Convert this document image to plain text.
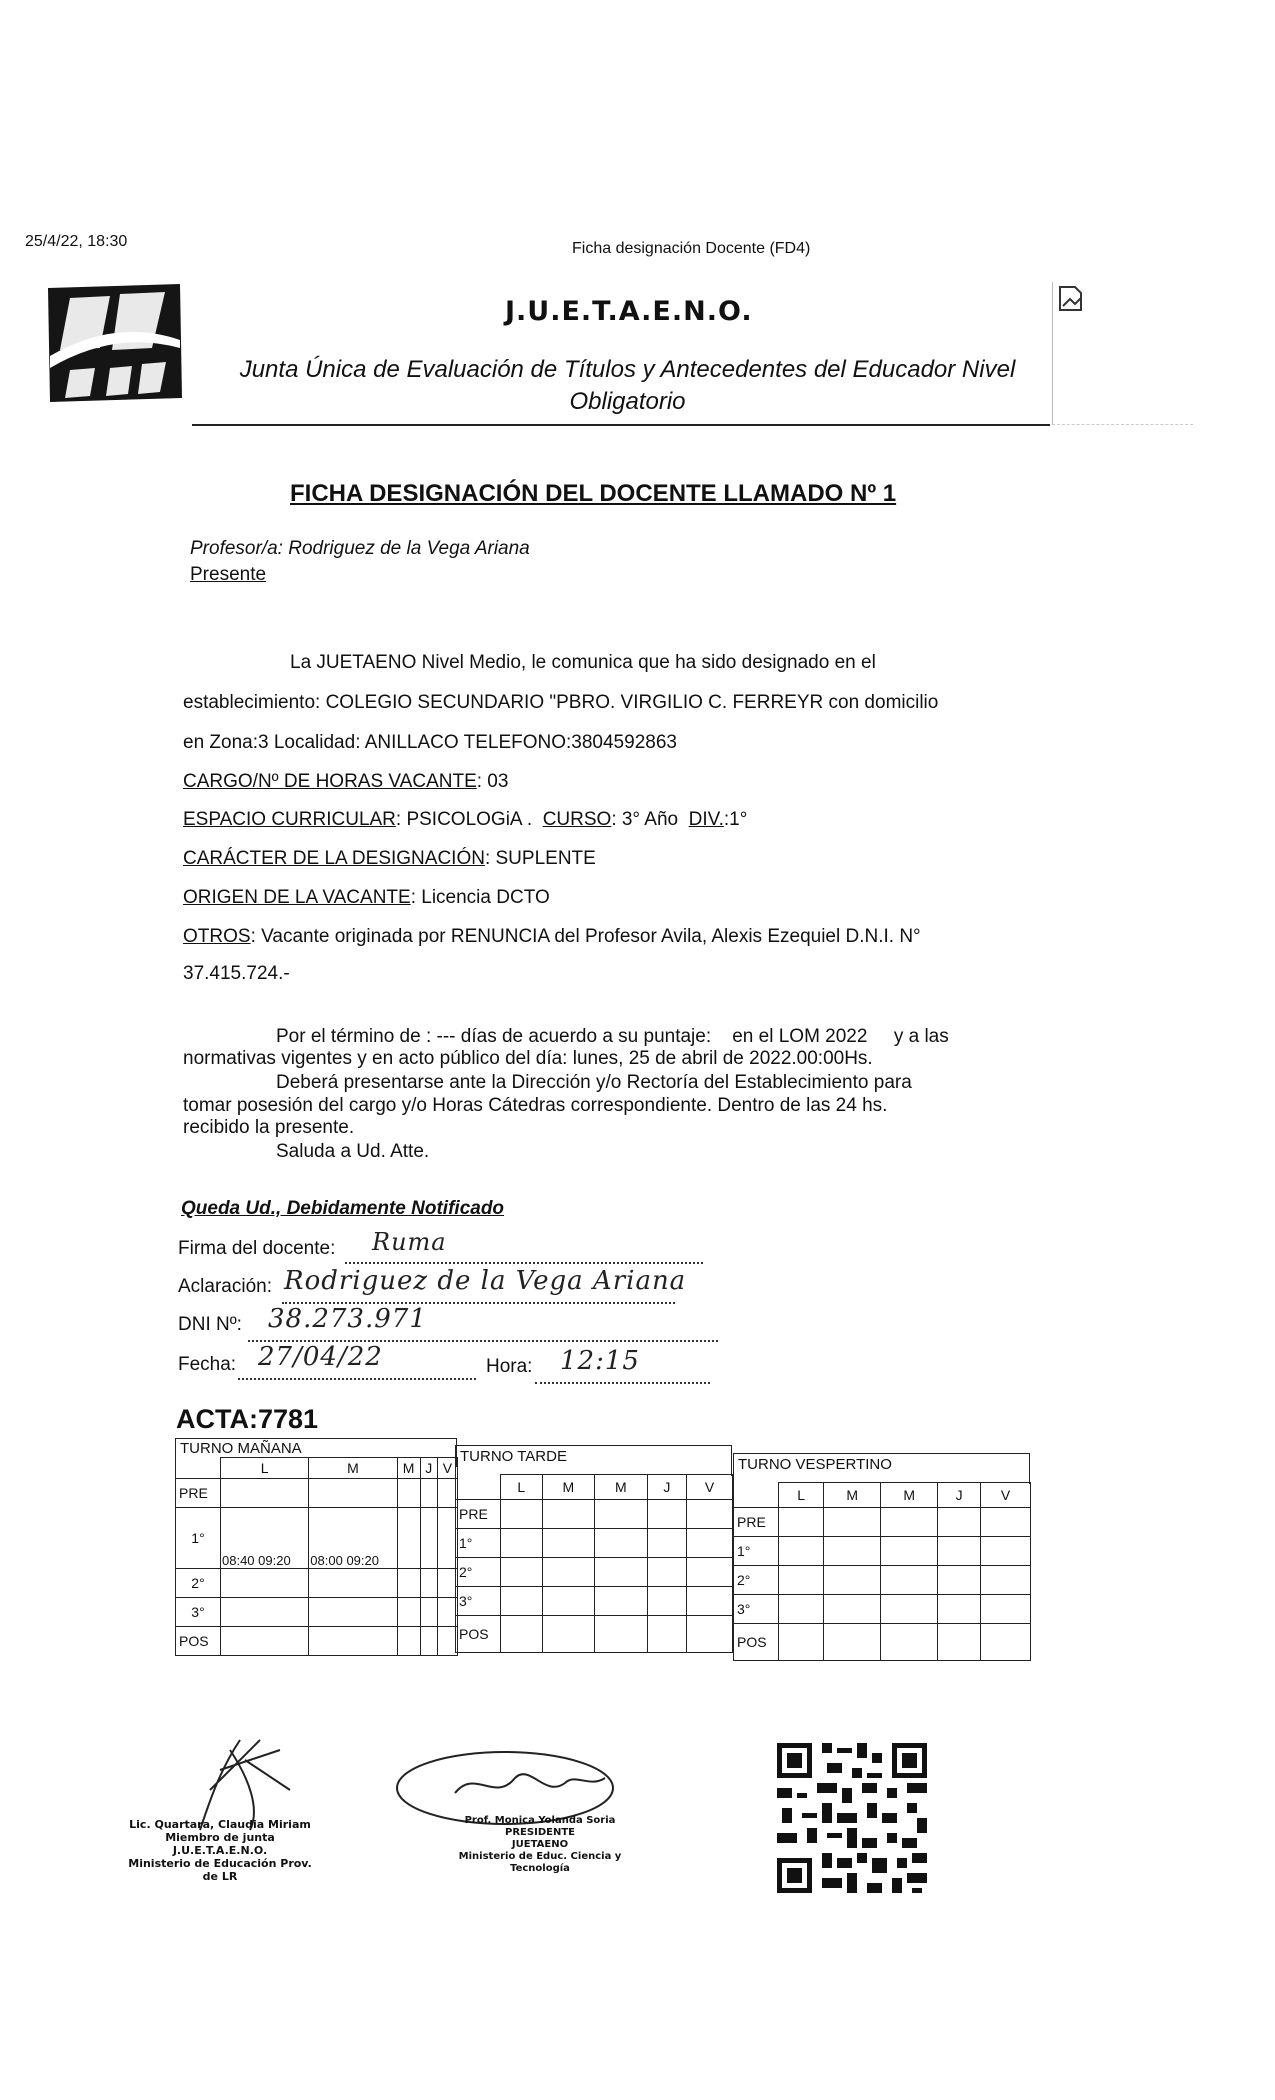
25/4/22, 18:30	Ficha designación Docente (FD4)
J.U.E.T.A.E.N.O.
Junta Única de Evaluación de Títulos y Antecedentes del Educador Nivel
Obligatorio
FICHA DESIGNACIÓN DEL DOCENTE LLAMADO Nº 1
Profesor/a: Rodriguez de la Vega Ariana
Presente
La JUETAENO Nivel Medio, le comunica que ha sido designado en el
establecimiento: COLEGIO SECUNDARIO "PBRO. VIRGILIO C. FERREYR con domicilio
en Zona:3 Localidad: ANILLACO TELEFONO:3804592863
CARGO/Nº DE HORAS VACANTE: 03
ESPACIO CURRICULAR: PSICOLOGiA .  CURSO: 3° Año  DIV.:1°
CARÁCTER DE LA DESIGNACIÓN: SUPLENTE
ORIGEN DE LA VACANTE: Licencia DCTO
OTROS: Vacante originada por RENUNCIA del Profesor Avila, Alexis Ezequiel D.N.I. N°
37.415.724.-
Por el término de : --- días de acuerdo a su puntaje:    en el LOM 2022     y a las
normativas vigentes y en acto público del día: lunes, 25 de abril de 2022.00:00Hs.
Deberá presentarse ante la Dirección y/o Rectoría del Establecimiento para
tomar posesión del cargo y/o Horas Cátedras correspondiente. Dentro de las 24 hs.
recibido la presente.
Saluda a Ud. Atte.
Queda Ud., Debidamente Notificado
Firma del docente: Ruma
Aclaración: Rodriguez de la Vega Ariana
DNI Nº: 38.273.971
Fecha: 27/04/22	Hora: 12:15
ACTA:7781
TURNO MAÑANA
	L	M	M	J	V
PRE					
1°	08:40 09:20	08:00 09:20			
2°					
3°					
POS					
TURNO TARDE
	L	M	M	J	V
PRE					
1°					
2°					
3°					
POS					
TURNO VESPERTINO
	L	M	M	J	V
PRE					
1°					
2°					
3°					
POS					
Lic. Quartara, Claudia Miriam
Miembro de junta
J.U.E.T.A.E.N.O.
Ministerio de Educación Prov. de LR
Prof. Monica Yolanda Soria
PRESIDENTE
JUETAENO
Ministerio de Educ. Ciencia y Tecnología
